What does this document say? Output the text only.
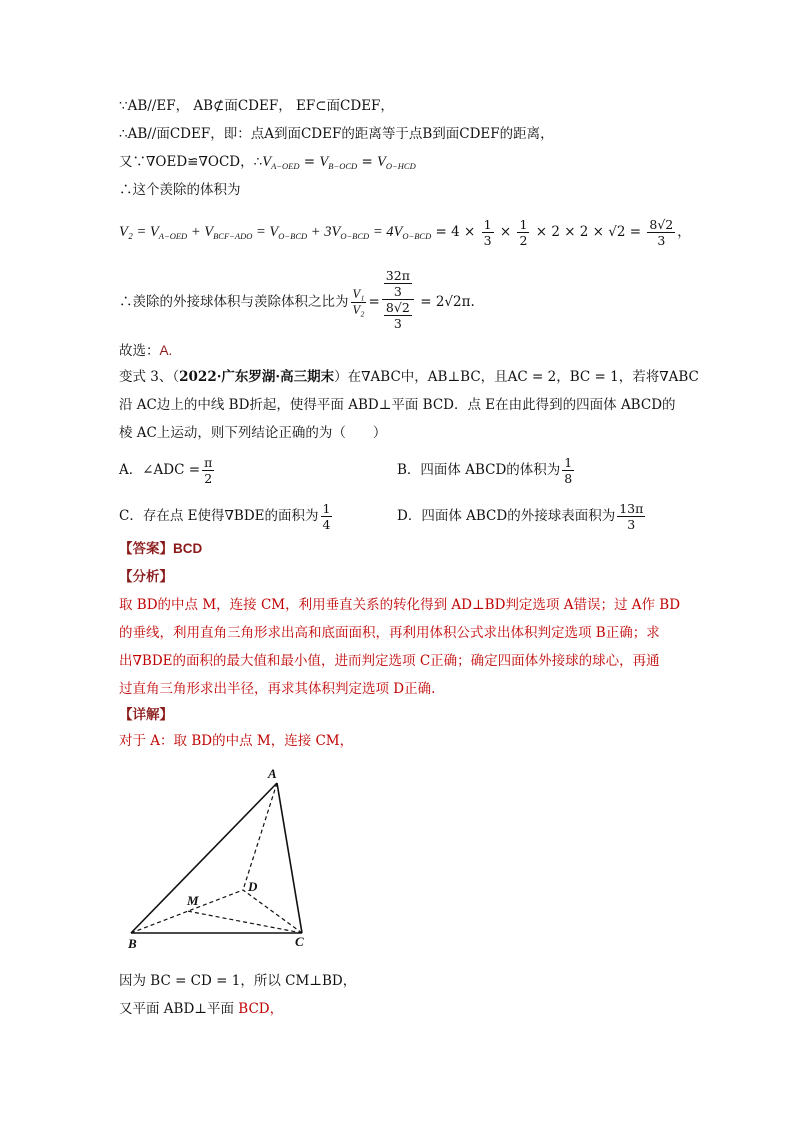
∵AB//EF， AB⊄面CDEF， EF⊂面CDEF，
∴AB//面CDEF，即：点A到面CDEF的距离等于点B到面CDEF的距离，
又∵∇OED≌∇OCD，$\therefore V_{A-OED} = V_{B-OCD} = V_{O-HCD}$
∴这个羡除的体积为
$V_2 = V_{A-OED} + V_{BCF-ADO} = V_{O-BCD} + 3V_{O-BCD} = 4V_{O-BCD} = 4 \times \frac{1}{3} \times \frac{1}{2} \times 2 \times 2 \times √2 = \frac{8√2}{3}$ ，
∴羡除的外接球体积与羡除体积之比为 $\frac{\text{V₁}}{\text{V₂}} = \frac{\frac{32\pi}{3}}{\frac{8√2}{3}} = 2√2\pi$.
故选：A.
变式 3、（2022·广东罗湖·高三期末）在∇ABC中，AB⊥BC，且AC = 2，BC = 1，若将∇ABC
沿 AC边上的中线 BD折起，使得平面 ABD⊥平面 BCD．点 E在由此得到的四面体 ABCD的
棱 AC上运动，则下列结论正确的为（　　）
A．∠ADC = $\frac{\pi}{2}$	B．四面体 ABCD的体积为 $\frac{1}{8}$
C．存在点 E使得∇BDE的面积为 $\frac{1}{4}$	D．四面体 ABCD的外接球表面积为 $\frac{13\pi}{3}$
【答案】BCD
【分析】
取 BD的中点 M，连接 CM，利用垂直关系的转化得到 AD⊥BD判定选项 A错误；过 A作 BD
的垂线，利用直角三角形求出高和底面面积，再利用体积公式求出体积判定选项 B正确；求
出∇BDE的面积的最大值和最小值，进而判定选项 C正确；确定四面体外接球的球心，再通
过直角三角形求出半径，再求其体积判定选项 D正确.
【详解】
对于 A：取 BD的中点 M，连接 CM，
A
B	C
D
M
因为 BC = CD = 1，所以 CM⊥BD，
又平面 ABD⊥平面 BCD，
